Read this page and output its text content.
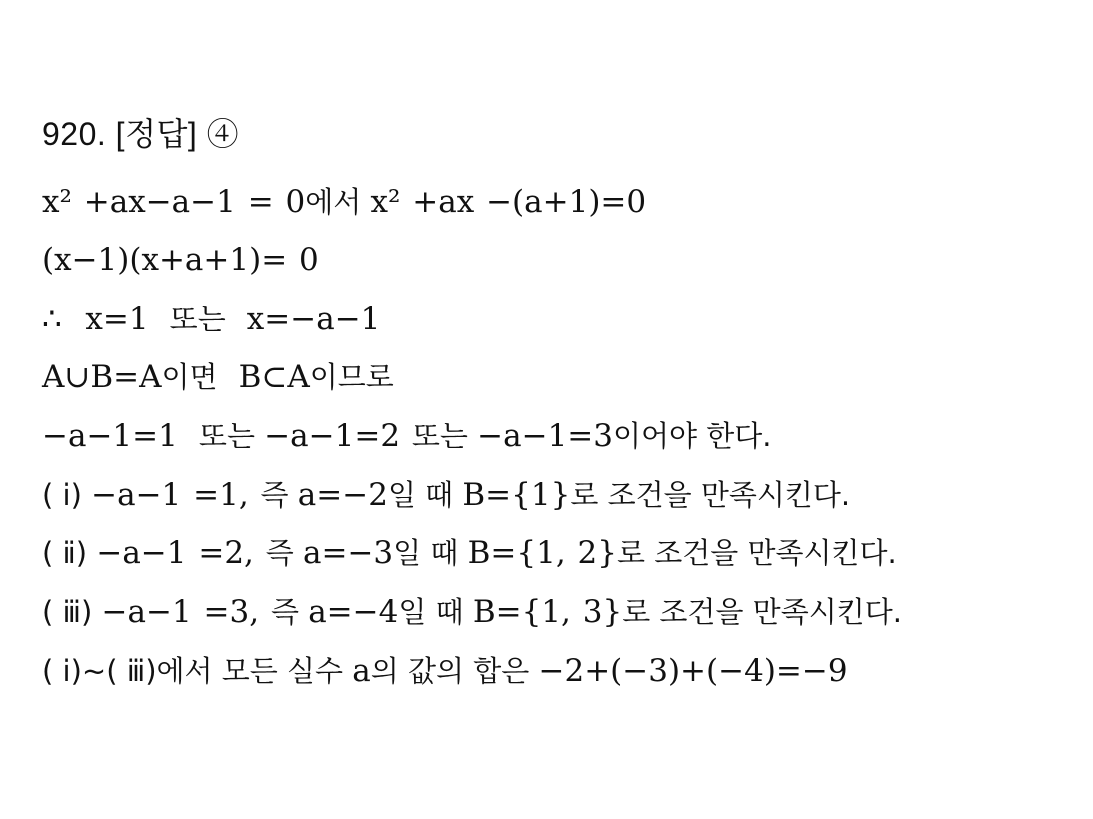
920. [정답] ④
x² +ax−a−1 = 0에서 x² +ax −(a+1)=0
(x−1)(x+a+1)= 0
∴  x=1  또는  x=−a−1
A∪B=A이면  B⊂A이므로
−a−1=1  또는 −a−1=2 또는 −a−1=3이어야 한다.
( ⅰ) −a−1 =1, 즉 a=−2일 때 B={1}로 조건을 만족시킨다.
( ⅱ) −a−1 =2, 즉 a=−3일 때 B={1, 2}로 조건을 만족시킨다.
( ⅲ) −a−1 =3, 즉 a=−4일 때 B={1, 3}로 조건을 만족시킨다.
( ⅰ)~( ⅲ)에서 모든 실수 a의 값의 합은 −2+(−3)+(−4)=−9
